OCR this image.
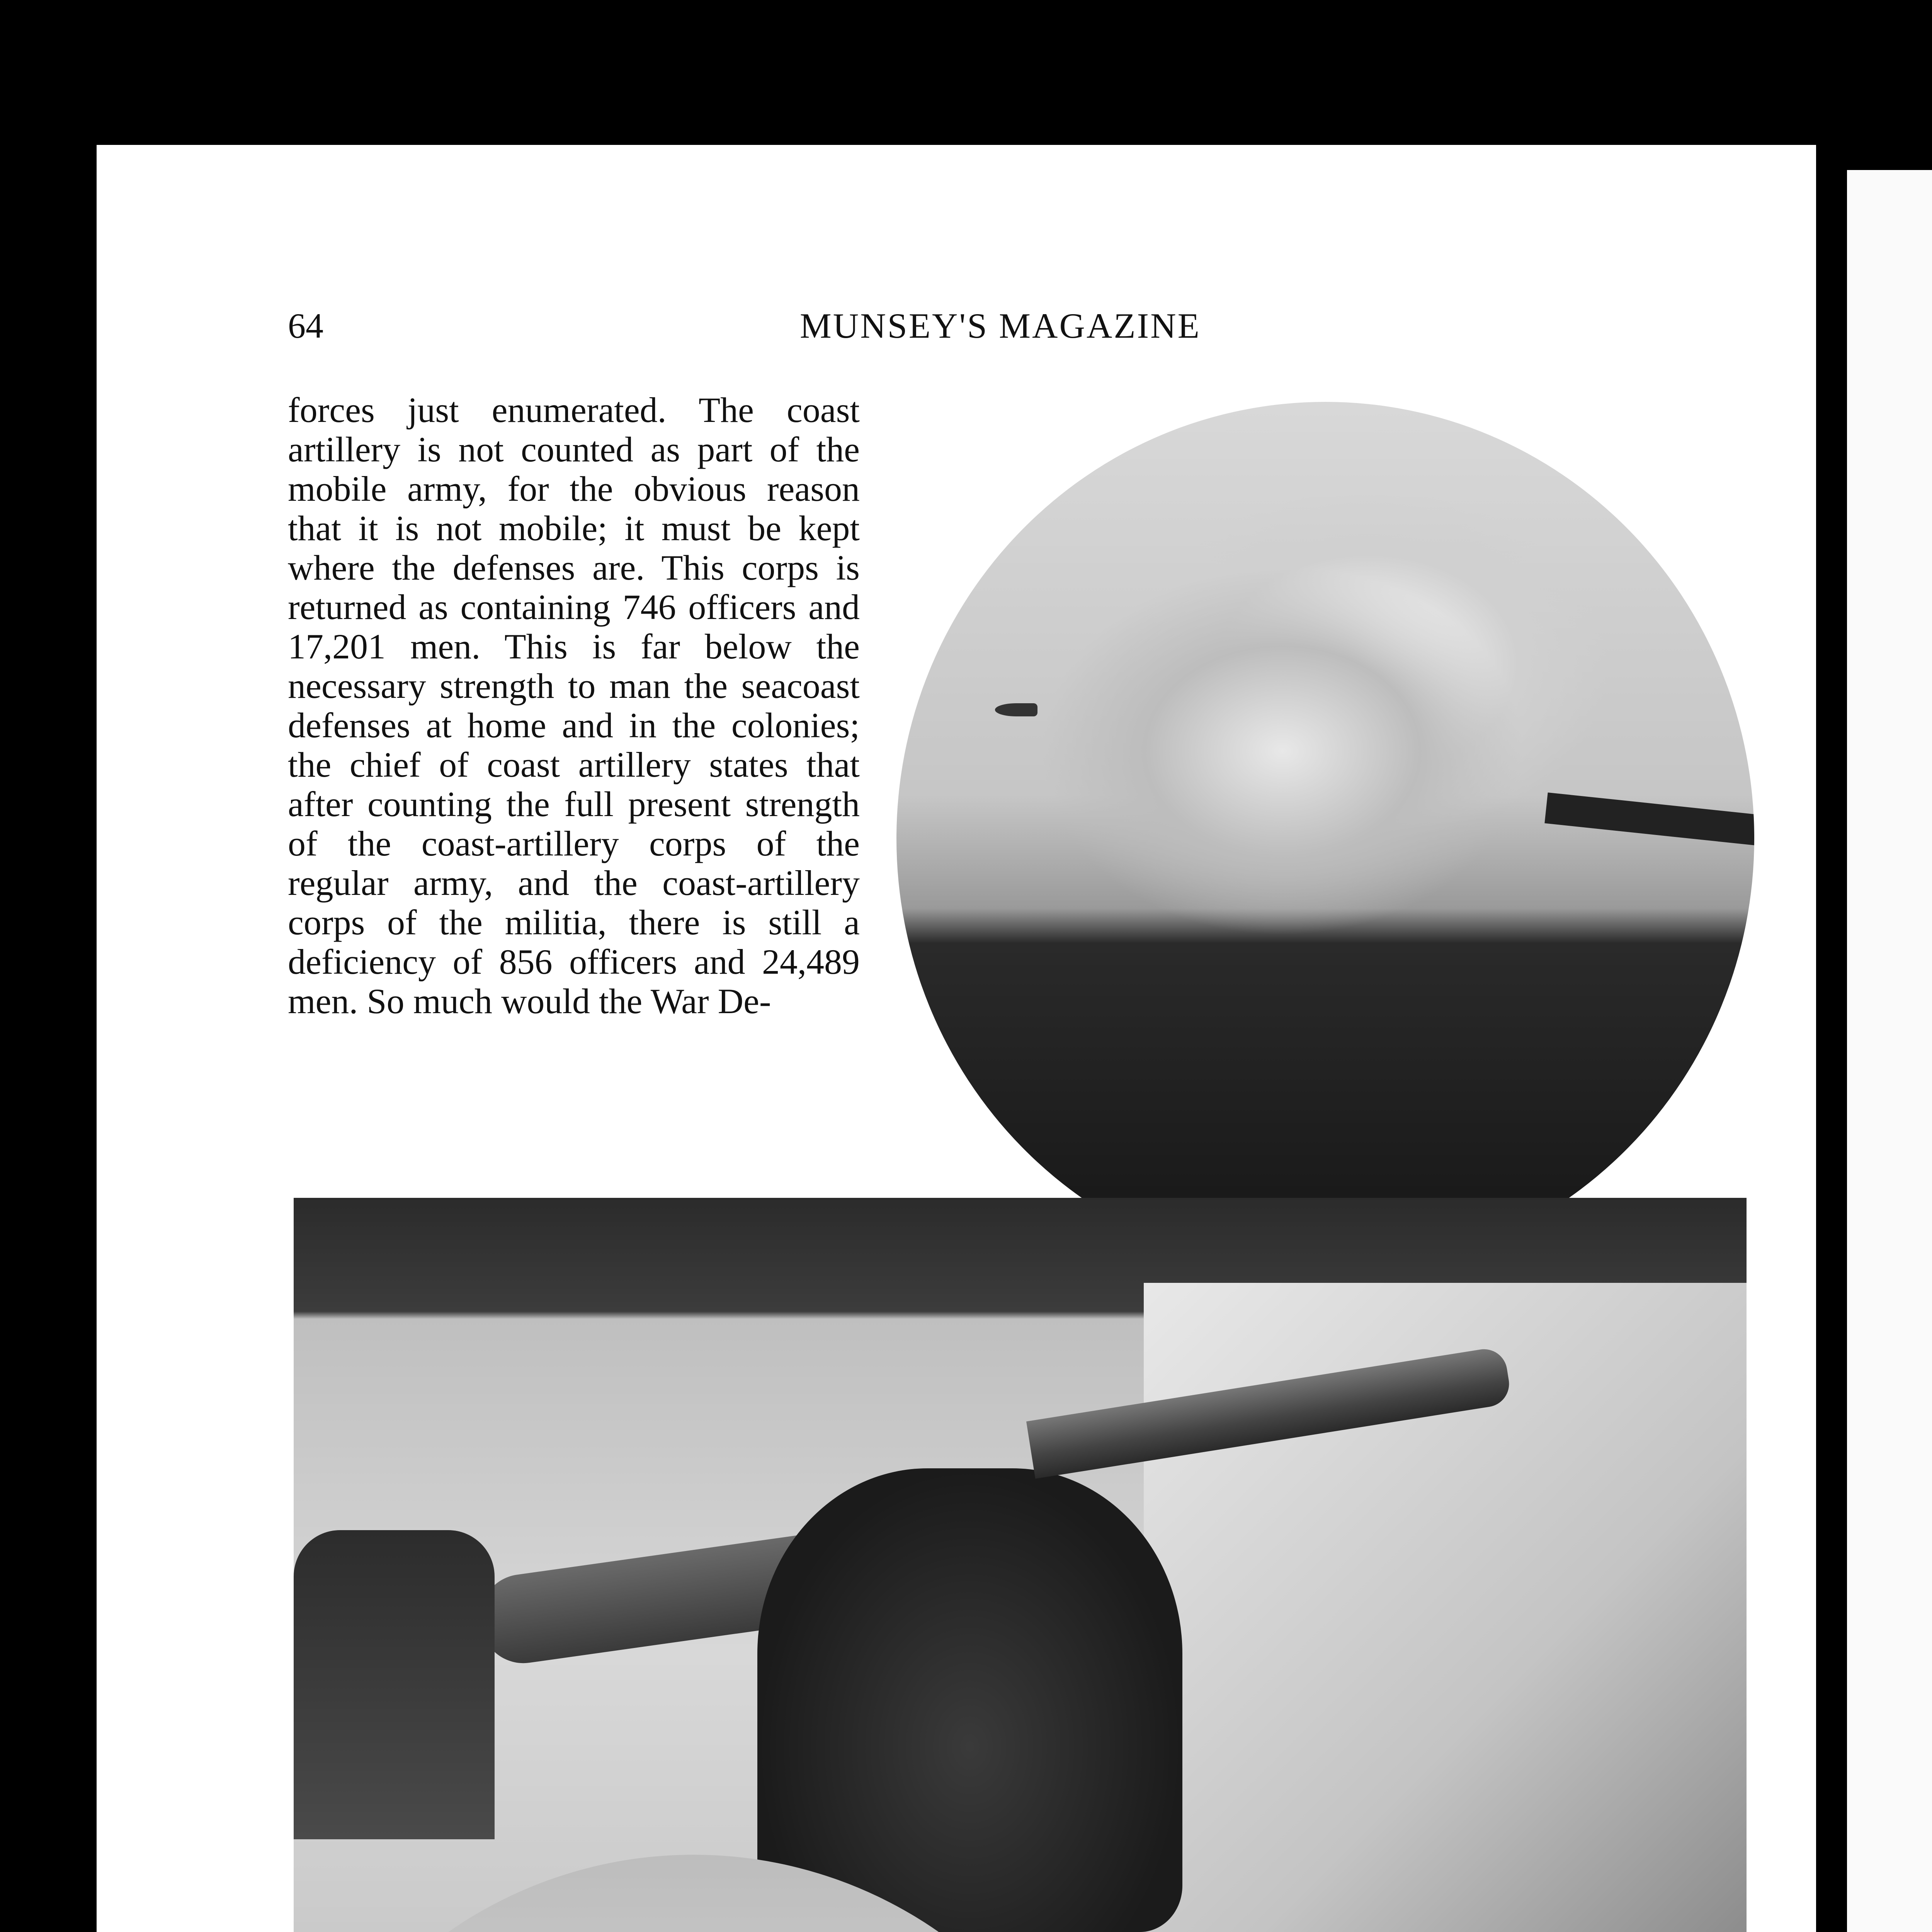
64	MUNSEY'S MAGAZINE

forces just enumerated. The coast artillery is not counted as part of the mobile army, for the obvious reason that it is not mobile; it must be kept where the defenses are. This corps is returned as containing 746 officers and 17,201 men. This is far below the necessary strength to man the seacoast defenses at home and in the colonies; the chief of coast artillery states that after counting the full present strength of the coast-artillery corps of the regular army, and the coast-artillery corps of the militia, there is still a deficiency of 856 officers and 24,489 men. So much would the War De-
